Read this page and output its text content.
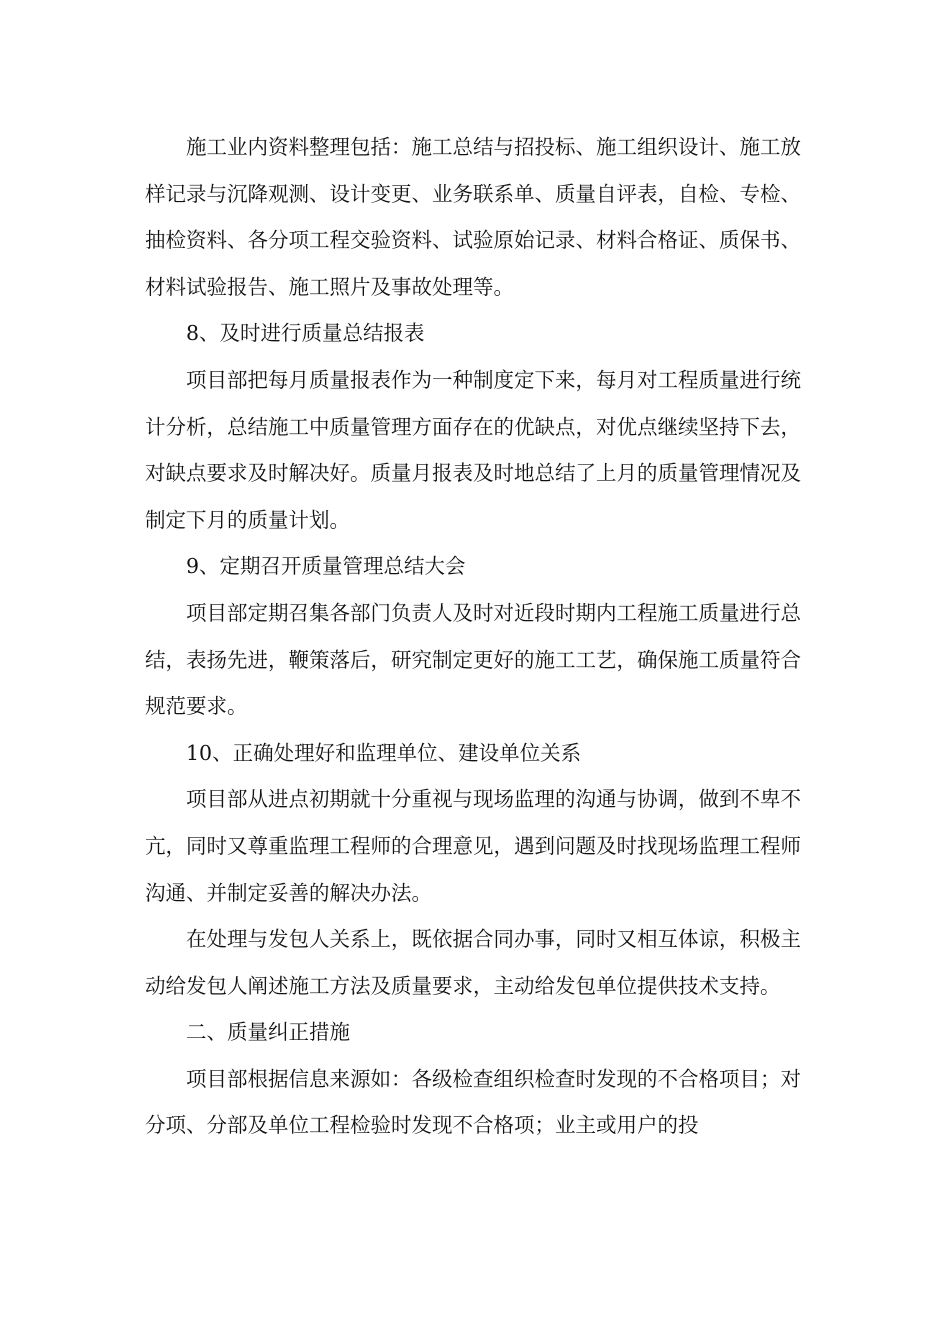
施工业内资料整理包括：施工总结与招投标、施工组织设计、施工放样记录与沉降观测、设计变更、业务联系单、质量自评表，自检、专检、抽检资料、各分项工程交验资料、试验原始记录、材料合格证、质保书、材料试验报告、施工照片及事故处理等。

8、及时进行质量总结报表

项目部把每月质量报表作为一种制度定下来，每月对工程质量进行统计分析，总结施工中质量管理方面存在的优缺点，对优点继续坚持下去，对缺点要求及时解决好。质量月报表及时地总结了上月的质量管理情况及制定下月的质量计划。

9、定期召开质量管理总结大会

项目部定期召集各部门负责人及时对近段时期内工程施工质量进行总结，表扬先进，鞭策落后，研究制定更好的施工工艺，确保施工质量符合规范要求。

10、正确处理好和监理单位、建设单位关系

项目部从进点初期就十分重视与现场监理的沟通与协调，做到不卑不亢，同时又尊重监理工程师的合理意见，遇到问题及时找现场监理工程师沟通、并制定妥善的解决办法。

在处理与发包人关系上，既依据合同办事，同时又相互体谅，积极主动给发包人阐述施工方法及质量要求，主动给发包单位提供技术支持。

二、质量纠正措施

项目部根据信息来源如：各级检查组织检查时发现的不合格项目；对分项、分部及单位工程检验时发现不合格项；业主或用户的投
